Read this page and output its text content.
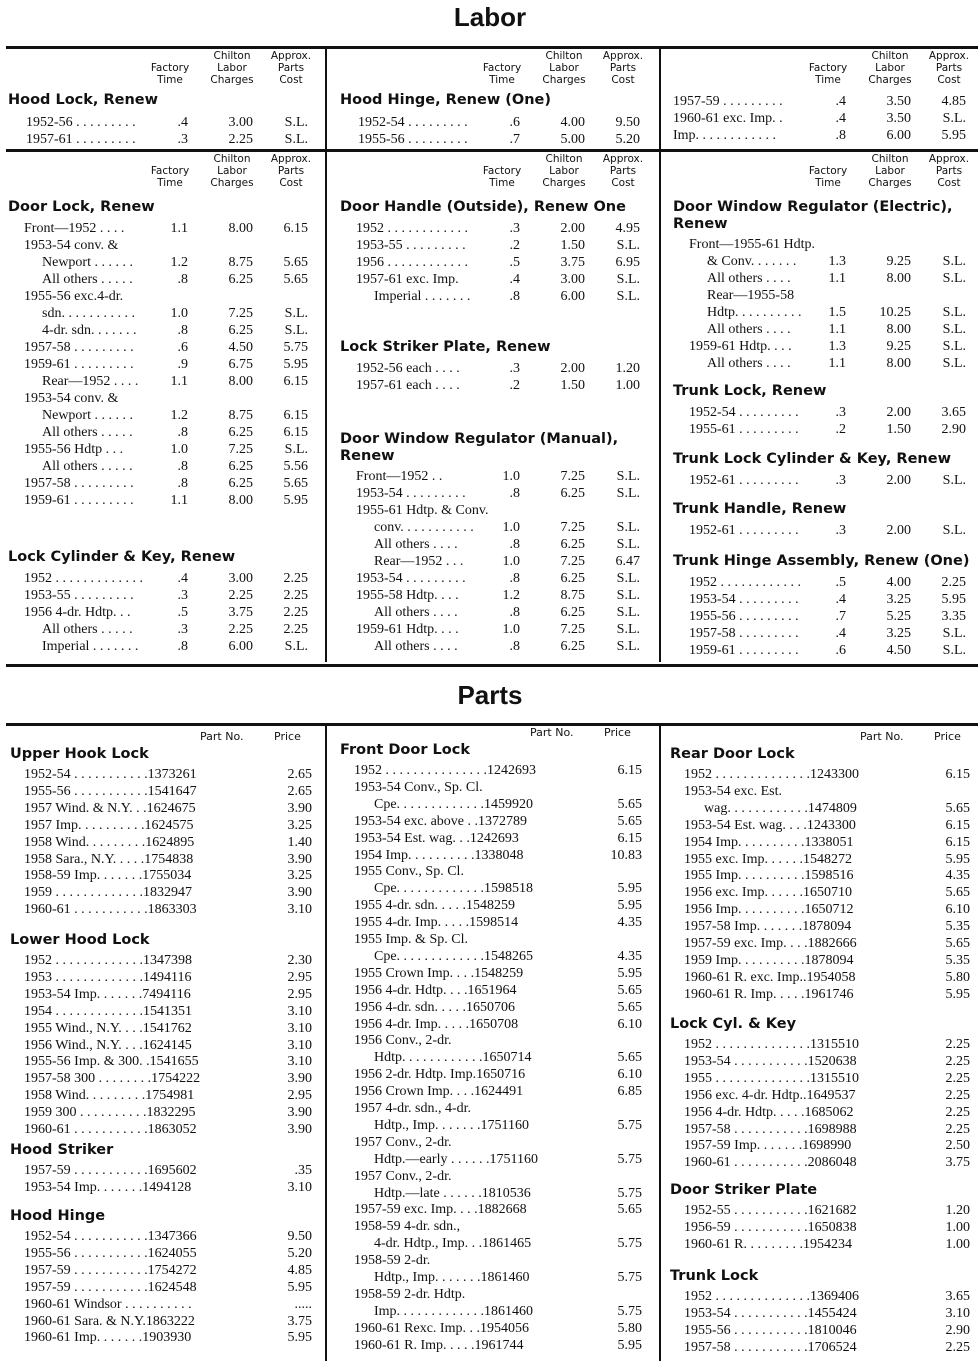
Labor
Factory
Time
Chilton
Labor
Charges
Approx.
Parts
Cost
Hood Lock, Renew
1952-56 . . . . . . . . .	.4	3.00 S.L.
1957-61 . . . . . . . . .	.3	2.25 S.L.
Factory
Time
Chilton
Labor
Charges
Approx.
Parts
Cost
Hood Hinge, Renew (One)
1952-54 . . . . . . . . .	.6	4.00 9.50
1955-56 . . . . . . . . .	.7	5.00 5.20
Factory
Time
Chilton
Labor
Charges
Approx.
Parts
Cost
1957-59 . . . . . . . . .	.4	3.50 4.85
1960-61 exc. Imp. .	.4	3.50 S.L.
Imp. . . . . . . . . . . .	.8	6.00 5.95
Factory
Time
Chilton
Labor
Charges
Approx.
Parts
Cost
Door Lock, Renew
Front—1952 . . . .	1.1	8.00 6.15
1953-54 conv. &
Newport . . . . . .	1.2	8.75 5.65
All others . . . . .	.8	6.25 5.65
1955-56 exc.4-dr.
sdn. . . . . . . . . . .	1.0	7.25 S.L.
4-dr. sdn. . . . . . .	.8	6.25 S.L.
1957-58 . . . . . . . . .	.6	4.50 5.75
1959-61 . . . . . . . . .	.9	6.75 5.95
Rear—1952 . . . . 1.1	8.00 6.15
1953-54 conv. &
Newport . . . . . .	1.2	8.75 6.15
All others . . . . .	.8	6.25 6.15
1955-56 Hdtp . . .	1.0	7.25 S.L.
All others . . . . .	.8	6.25 5.56
1957-58 . . . . . . . . .	.8	6.25 5.65
1959-61 . . . . . . . . .	1.1	8.00 5.95
Lock Cylinder & Key, Renew
1952 . . . . . . . . . . . . . .4	3.00 2.25
1953-55 . . . . . . . . .	.3	2.25 2.25
1956 4-dr. Hdtp. . .	.5	3.75 2.25
All others . . . . .	.3	2.25 2.25
Imperial . . . . . . .	.8	6.00 S.L.
Factory
Time
Chilton
Labor
Charges
Approx.
Parts
Cost
Door Handle (Outside), Renew One
1952 . . . . . . . . . . . .	.3	2.00 4.95
1953-55 . . . . . . . . .	.2	1.50 S.L.
1956 . . . . . . . . . . . .	.5	3.75 6.95
1957-61 exc. Imp.	.4	3.00 S.L.
Imperial . . . . . . .	.8	6.00 S.L.
Lock Striker Plate, Renew
1952-56 each . . . .	.3	2.00 1.20
1957-61 each . . . .	.2	1.50 1.00
Door Window Regulator (Manual), Renew
Front—1952 . .	1.0	7.25 S.L.
1953-54 . . . . . . . . .	.8	6.25 S.L.
1955-61 Hdtp. & Conv.
conv. . . . . . . . . . . 1.0	7.25 S.L.
All others . . . .	.8	6.25 S.L.
Rear—1952 . . .	1.0	7.25 6.47
1953-54 . . . . . . . . .	.8	6.25 S.L.
1955-58 Hdtp. . . .	1.2	8.75 S.L.
All others . . . .	.8	6.25 S.L.
1959-61 Hdtp. . . .	1.0	7.25 S.L.
All others . . . .	.8	6.25 S.L.
Factory
Time
Chilton
Labor
Charges
Approx.
Parts
Cost
Door Window Regulator (Electric), Renew
Front—1955-61 Hdtp.
& Conv. . . . . . . 1.3	9.25 S.L.
All others . . . .	1.1	8.00 S.L.
Rear—1955-58
Hdtp. . . . . . . . . . 1.5 10.25 S.L.
All others . . . .	1.1	8.00 S.L.
1959-61 Hdtp. . . .	1.3	9.25 S.L.
All others . . . .	1.1	8.00 S.L.
Trunk Lock, Renew
1952-54 . . . . . . . . .	.3	2.00 3.65
1955-61 . . . . . . . . .	.2	1.50 2.90
Trunk Lock Cylinder & Key, Renew
1952-61 . . . . . . . . .	.3	2.00 S.L.
Trunk Handle, Renew
1952-61 . . . . . . . . .	.3	2.00 S.L.
Trunk Hinge Assembly, Renew (One)
1952 . . . . . . . . . . . . .5	4.00 2.25
1953-54 . . . . . . . . .	.4	3.25 5.95
1955-56 . . . . . . . . .	.7	5.25 3.35
1957-58 . . . . . . . . .	.4	3.25 S.L.
1959-61 . . . . . . . . .	.6	4.50 S.L.
Parts
Part No.	Price
Upper Hook Lock
1952-54 . . . . . . . . . . .1373261	2.65
1955-56 . . . . . . . . . . .1541647	2.65
1957 Wind. & N.Y. . .1624675	3.90
1957 Imp. . . . . . . . . .1624575	3.25
1958 Wind. . . . . . . . .1624895	1.40
1958 Sara., N.Y. . . . .1754838	3.90
1958-59 Imp. . . . . . .1755034	3.25
1959 . . . . . . . . . . . . .1832947	3.90
1960-61 . . . . . . . . . . .1863303	3.10
Lower Hood Lock
1952 . . . . . . . . . . . . .1347398	2.30
1953 . . . . . . . . . . . . .1494116	2.95
1953-54 Imp. . . . . . .7494116	2.95
1954 . . . . . . . . . . . . .1541351	3.10
1955 Wind., N.Y. . . .1541762	3.10
1956 Wind., N.Y. . . .1624145	3.10
1955-56 Imp. & 300. .1541655	3.10
1957-58 300 . . . . . . . .1754222	3.90
1958 Wind. . . . . . . . .1754981	2.95
1959 300 . . . . . . . . . .1832295	3.90
1960-61 . . . . . . . . . . .1863052	3.90
Hood Striker
1957-59 . . . . . . . . . . .1695602	.35
1953-54 Imp. . . . . . .1494128	3.10
Hood Hinge
1952-54 . . . . . . . . . . .1347366	9.50
1955-56 . . . . . . . . . . .1624055	5.20
1957-59 . . . . . . . . . . .1754272	4.85
1957-59 . . . . . . . . . . .1624548	5.95
1960-61 Windsor . . . . . . . . . .	.....
1960-61 Sara. & N.Y.1863222	3.75
1960-61 Imp. . . . . . .1903930	5.95
Part No.	Price
Front Door Lock
1952 . . . . . . . . . . . . . . .1242693	6.15
1953-54 Conv., Sp. Cl.
Cpe. . . . . . . . . . . . .1459920	5.65
1953-54 exc. above . .1372789	5.65
1953-54 Est. wag. . .1242693	6.15
1954 Imp. . . . . . . . . .1338048	10.83
1955 Conv., Sp. Cl.
Cpe. . . . . . . . . . . . .1598518	5.95
1955 4-dr. sdn. . . . .1548259	5.95
1955 4-dr. Imp. . . . .1598514	4.35
1955 Imp. & Sp. Cl.
Cpe. . . . . . . . . . . . .1548265	4.35
1955 Crown Imp. . . .1548259	5.95
1956 4-dr. Hdtp. . . .1651964	5.65
1956 4-dr. sdn. . . . .1650706	5.65
1956 4-dr. Imp. . . . .1650708	6.10
1956 Conv., 2-dr.
Hdtp. . . . . . . . . . . .1650714	5.65
1956 2-dr. Hdtp. Imp.1650716	6.10
1956 Crown Imp. . . .1624491	6.85
1957 4-dr. sdn., 4-dr.
Hdtp., Imp. . . . . . .1751160	5.75
1957 Conv., 2-dr.
Hdtp.—early . . . . . .1751160	5.75
1957 Conv., 2-dr.
Hdtp.—late . . . . . .1810536	5.75
1957-59 exc. Imp. . . .1882668	5.65
1958-59 4-dr. sdn.,
4-dr. Hdtp., Imp. . .1861465	5.75
1958-59 2-dr.
Hdtp., Imp. . . . . . .1861460	5.75
1958-59 2-dr. Hdtp.
Imp. . . . . . . . . . . . .1861460	5.75
1960-61 Rexc. Imp. . .1954056	5.80
1960-61 R. Imp. . . . .1961744	5.95
Part No.	Price
Rear Door Lock
1952 . . . . . . . . . . . . . .1243300	6.15
1953-54 exc. Est.
wag. . . . . . . . . . . .1474809	5.65
1953-54 Est. wag. . . .1243300	6.15
1954 Imp. . . . . . . . . .1338051	6.15
1955 exc. Imp. . . . . .1548272	5.95
1955 Imp. . . . . . . . . .1598516	4.35
1956 exc. Imp. . . . . .1650710	5.65
1956 Imp. . . . . . . . . .1650712	6.10
1957-58 Imp. . . . . . .1878094	5.35
1957-59 exc. Imp. . . .1882666	5.65
1959 Imp. . . . . . . . . .1878094	5.35
1960-61 R. exc. Imp..1954058	5.80
1960-61 R. Imp. . . . .1961746	5.95
Lock Cyl. & Key
1952 . . . . . . . . . . . . . .1315510	2.25
1953-54 . . . . . . . . . . .1520638	2.25
1955 . . . . . . . . . . . . . .1315510	2.25
1956 exc. 4-dr. Hdtp..1649537	2.25
1956 4-dr. Hdtp. . . . .1685062	2.25
1957-58 . . . . . . . . . . .1698988	2.25
1957-59 Imp. . . . . . .1698990	2.50
1960-61 . . . . . . . . . . .2086048	3.75
Door Striker Plate
1952-55 . . . . . . . . . . .1621682	1.20
1956-59 . . . . . . . . . . .1650838	1.00
1960-61 R. . . . . . . . .1954234	1.00
Trunk Lock
1952 . . . . . . . . . . . . . .1369406	3.65
1953-54 . . . . . . . . . . .1455424	3.10
1955-56 . . . . . . . . . . .1810046	2.90
1957-58 . . . . . . . . . . .1706524	2.25
